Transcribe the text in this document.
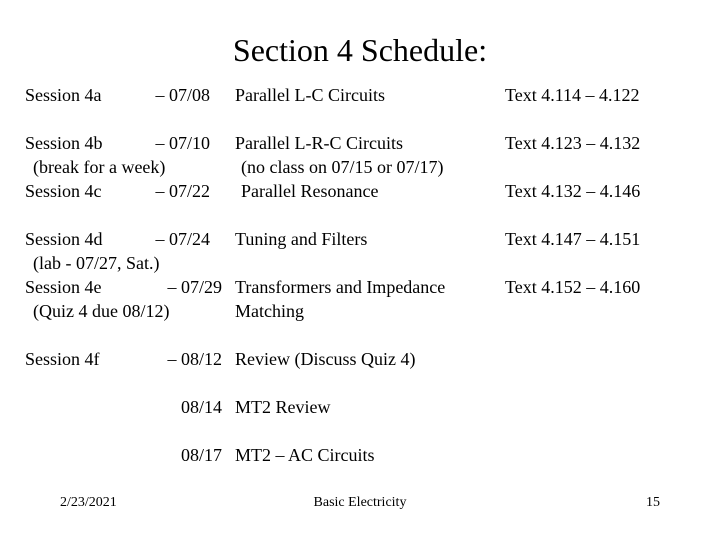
Section 4 Schedule:
Session 4a	– 07/08 Parallel L-C Circuits	Text 4.114 – 4.122
Session 4b	– 07/10 Parallel L-R-C Circuits	Text 4.123 – 4.132
(break for a week)	(no class on 07/15 or 07/17)
Session 4c	– 07/22 Parallel Resonance	Text 4.132 – 4.146
Session 4d	– 07/24 Tuning and Filters	Text 4.147 – 4.151
(lab - 07/27, Sat.)
Session 4e	– 07/29 Transformers and Impedance	Text 4.152 – 4.160
(Quiz 4 due 08/12)	Matching
Session 4f	– 08/12 Review (Discuss Quiz 4)
08/14 MT2 Review
08/17 MT2 – AC Circuits
2/23/2021	Basic Electricity	15
